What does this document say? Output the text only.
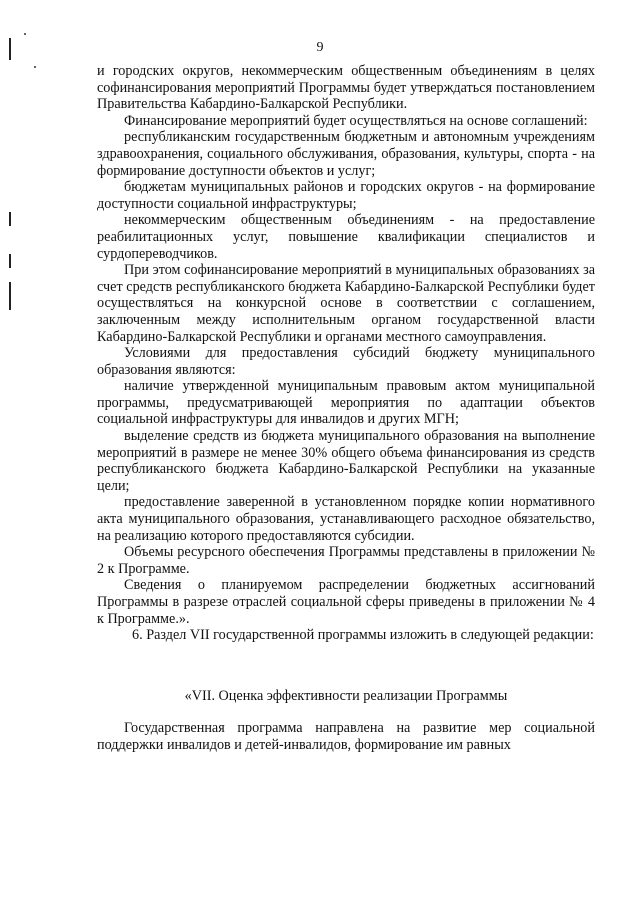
9

и городских округов, некоммерческим общественным объединениям в целях софинансирования мероприятий Программы будет утверждаться постановлением Правительства Кабардино-Балкарской Республики.

Финансирование мероприятий будет осуществляться на основе соглашений:

республиканским государственным бюджетным и автономным учреждениям здравоохранения, социального обслуживания, образования, культуры, спорта - на формирование доступности объектов и услуг;

бюджетам муниципальных районов и городских округов - на формирование доступности социальной инфраструктуры;

некоммерческим общественным объединениям - на предоставление реабилитационных услуг, повышение квалификации специалистов и сурдопереводчиков.

При этом софинансирование мероприятий в муниципальных образованиях за счет средств республиканского бюджета Кабардино-Балкарской Республики будет осуществляться на конкурсной основе в соответствии с соглашением, заключенным между исполнительным органом государственной власти Кабардино-Балкарской Республики и органами местного самоуправления.

Условиями для предоставления субсидий бюджету муниципального образования являются:

наличие утвержденной муниципальным правовым актом муниципальной программы, предусматривающей мероприятия по адаптации объектов социальной инфраструктуры для инвалидов и других МГН;

выделение средств из бюджета муниципального образования на выполнение мероприятий в размере не менее 30% общего объема финансирования из средств республиканского бюджета Кабардино-Балкарской Республики на указанные цели;

предоставление заверенной в установленном порядке копии нормативного акта муниципального образования, устанавливающего расходное обязательство, на реализацию которого предоставляются субсидии.

Объемы ресурсного обеспечения Программы представлены в приложении № 2 к Программе.

Сведения о планируемом распределении бюджетных ассигнований Программы в разрезе отраслей социальной сферы приведены в приложении № 4 к Программе.».

6. Раздел VII государственной программы изложить в следующей редакции:

«VII. Оценка эффективности реализации Программы

Государственная программа направлена на развитие мер социальной поддержки инвалидов и детей-инвалидов, формирование им равных
